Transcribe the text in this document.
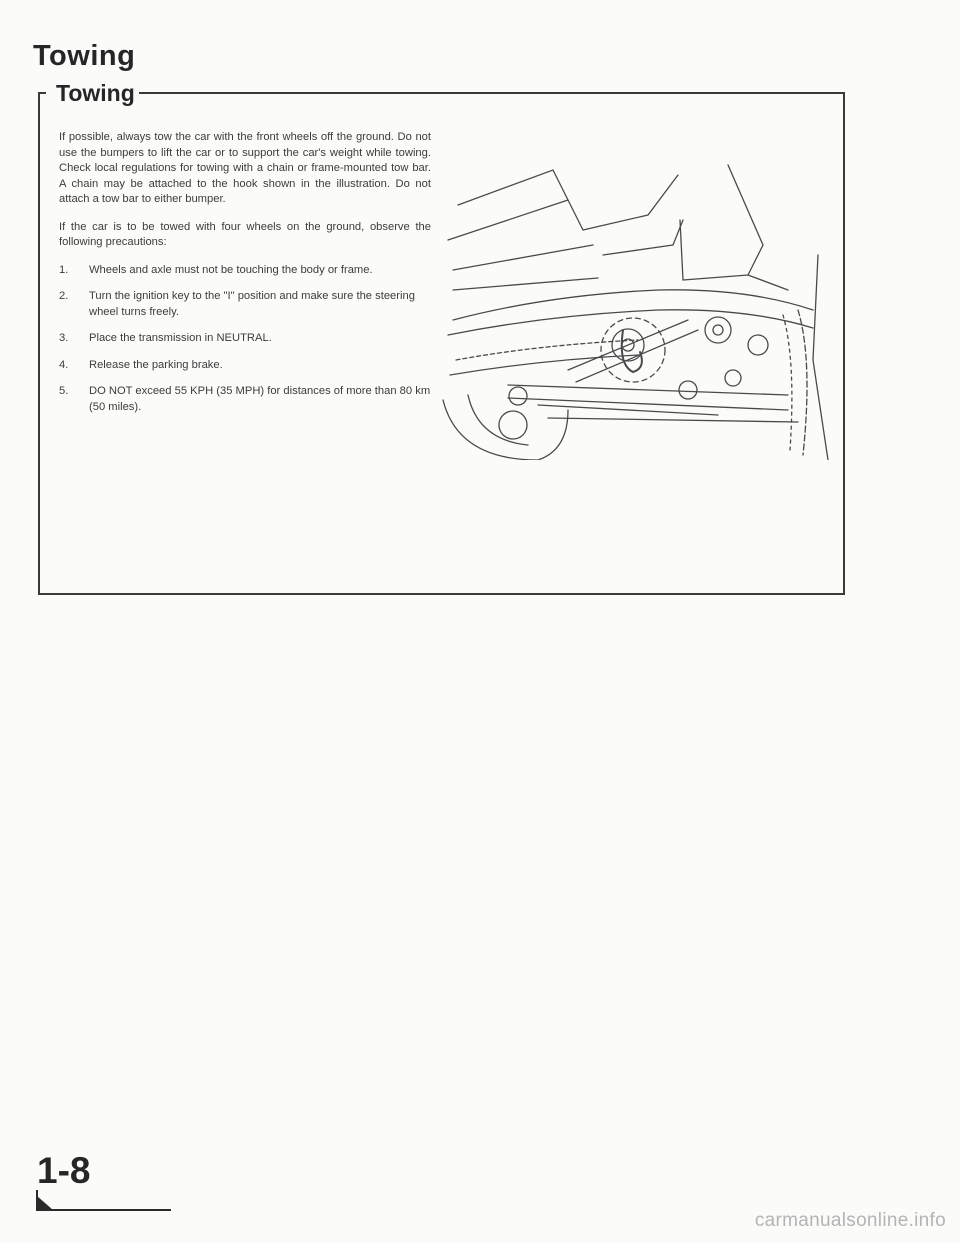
Towing
Towing

If possible, always tow the car with the front wheels off the ground. Do not use the bumpers to lift the car or to support the car's weight while towing. Check local regulations for towing with a chain or frame-mounted tow bar. A chain may be attached to the hook shown in the illustration. Do not attach a tow bar to either bumper.

If the car is to be towed with four wheels on the ground, observe the following precautions:

1.	Wheels and axle must not be touching the body or frame.
2.	Turn the ignition key to the "I" position and make sure the steering wheel turns freely.
3.	Place the transmission in NEUTRAL.
4.	Release the parking brake.
5.	DO NOT exceed 55 KPH (35 MPH) for distances of more than 80 km (50 miles).
1-8
carmanualsonline.info
